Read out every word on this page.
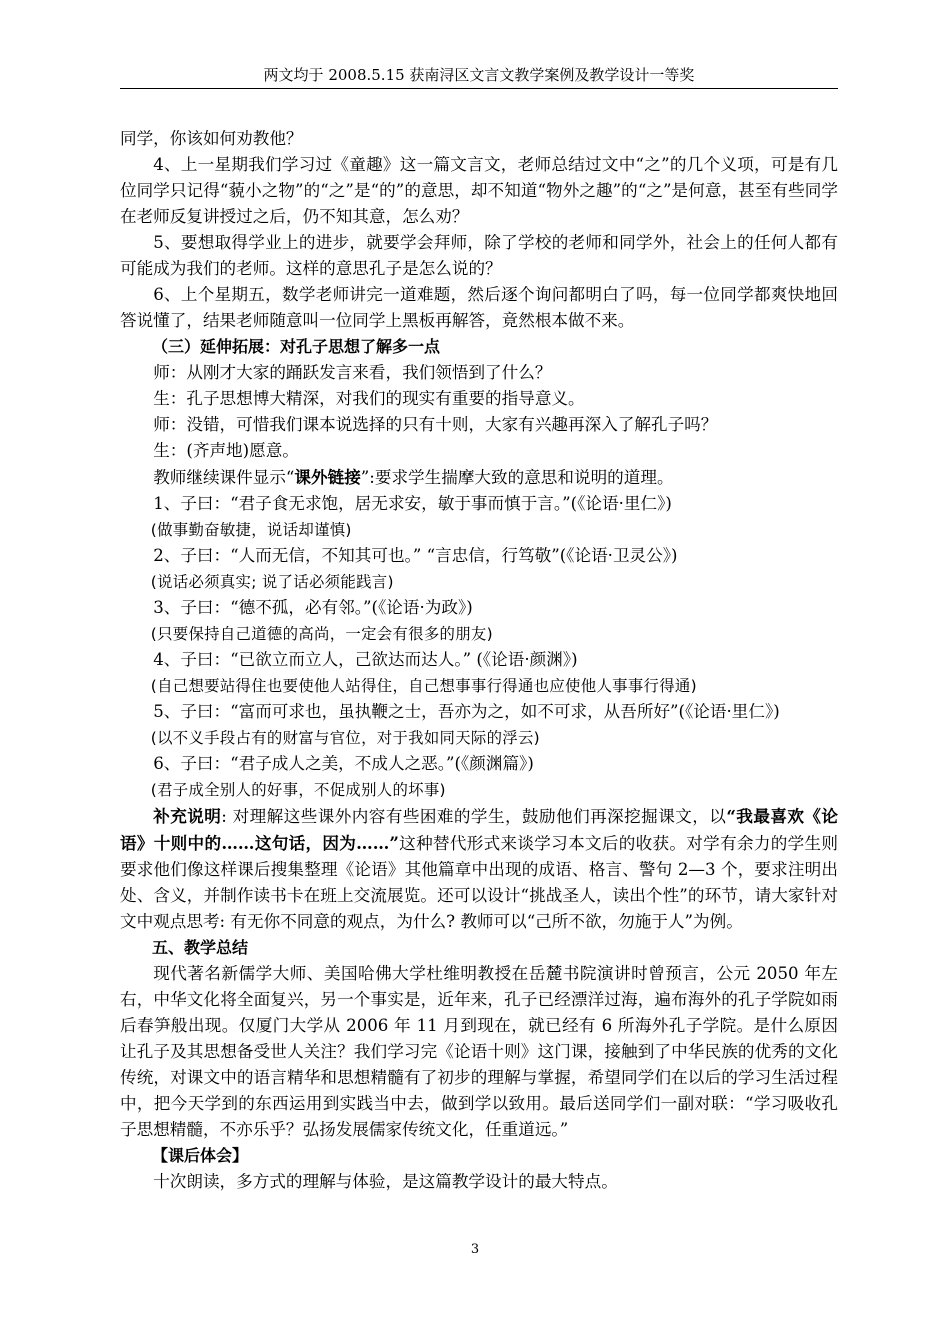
两文均于 2008.5.15 获南浔区文言文教学案例及教学设计一等奖

同学，你该如何劝教他？

4、上一星期我们学习过《童趣》这一篇文言文，老师总结过文中“之”的几个义项，可是有几位同学只记得“藐小之物”的“之”是“的”的意思，却不知道“物外之趣”的“之”是何意，甚至有些同学在老师反复讲授过之后，仍不知其意，怎么劝？

5、要想取得学业上的进步，就要学会拜师，除了学校的老师和同学外，社会上的任何人都有可能成为我们的老师。这样的意思孔子是怎么说的？

6、上个星期五，数学老师讲完一道难题，然后逐个询问都明白了吗，每一位同学都爽快地回答说懂了，结果老师随意叫一位同学上黑板再解答，竟然根本做不来。

（三）延伸拓展：对孔子思想了解多一点

师：从刚才大家的踊跃发言来看，我们领悟到了什么？

生：孔子思想博大精深，对我们的现实有重要的指导意义。

师：没错，可惜我们课本说选择的只有十则，大家有兴趣再深入了解孔子吗？

生：(齐声地)愿意。

教师继续课件显示“课外链接”:要求学生揣摩大致的意思和说明的道理。

1、子曰：“君子食无求饱，居无求安，敏于事而慎于言。”(《论语·里仁》)

(做事勤奋敏捷，说话却谨慎)

2、子曰：“人而无信，不知其可也。” “言忠信，行笃敬”(《论语·卫灵公》)

(说话必须真实; 说了话必须能践言)

3、子曰：“德不孤，必有邻。”(《论语·为政》)

(只要保持自己道德的高尚，一定会有很多的朋友)

4、子曰：“已欲立而立人，己欲达而达人。” (《论语·颜渊》)

(自己想要站得住也要使他人站得住，自己想事事行得通也应使他人事事行得通)

5、子曰：“富而可求也，虽执鞭之士，吾亦为之，如不可求，从吾所好”(《论语·里仁》)

(以不义手段占有的财富与官位，对于我如同天际的浮云)

6、子曰：“君子成人之美，不成人之恶。”(《颜渊篇》)

(君子成全别人的好事，不促成别人的坏事)

补充说明: 对理解这些课外内容有些困难的学生，鼓励他们再深挖掘课文，以“我最喜欢《论语》十则中的……这句话，因为……”这种替代形式来谈学习本文后的收获。对学有余力的学生则要求他们像这样课后搜集整理《论语》其他篇章中出现的成语、格言、警句 2—3 个，要求注明出处、含义，并制作读书卡在班上交流展览。还可以设计“挑战圣人，读出个性”的环节，请大家针对文中观点思考: 有无你不同意的观点，为什么? 教师可以“己所不欲，勿施于人”为例。

五、教学总结

现代著名新儒学大师、美国哈佛大学杜维明教授在岳麓书院演讲时曾预言，公元 2050 年左右，中华文化将全面复兴，另一个事实是，近年来，孔子已经漂洋过海，遍布海外的孔子学院如雨后春笋般出现。仅厦门大学从 2006 年 11 月到现在，就已经有 6 所海外孔子学院。是什么原因让孔子及其思想备受世人关注？我们学习完《论语十则》这门课，接触到了中华民族的优秀的文化传统，对课文中的语言精华和思想精髓有了初步的理解与掌握，希望同学们在以后的学习生活过程中，把今天学到的东西运用到实践当中去，做到学以致用。最后送同学们一副对联：“学习吸收孔子思想精髓，不亦乐乎？弘扬发展儒家传统文化，任重道远。”

【课后体会】

十次朗读，多方式的理解与体验，是这篇教学设计的最大特点。

3
